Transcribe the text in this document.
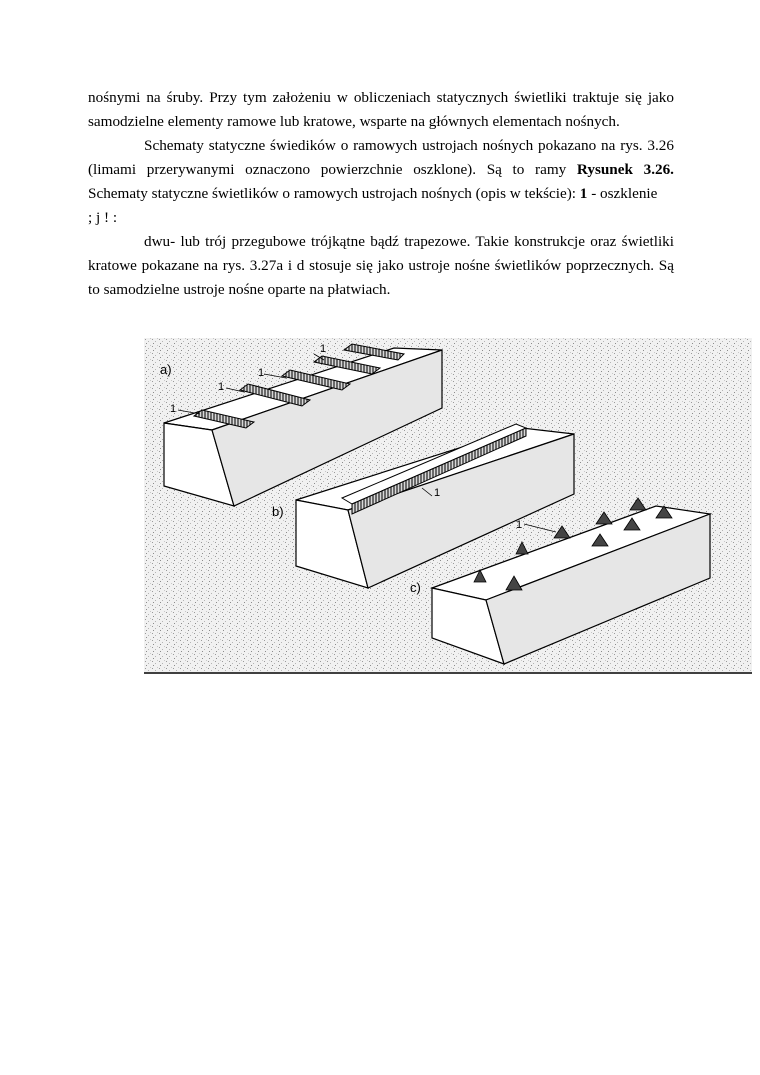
nośnymi na śruby. Przy tym założeniu w obliczeniach statycznych świetliki traktuje się jako samodzielne elementy ramowe lub kratowe, wsparte na głównych elementach nośnych.

Schematy statyczne świedików o ramowych ustrojach nośnych pokazano na rys. 3.26 (limami przerywanymi oznaczono powierzchnie oszklone). Są to ramy Rysunek 3.26. Schematy statyczne świetlików o ramowych ustrojach nośnych (opis w tekście): 1 - oszklenie

; j ! :

dwu- lub trój przegubowe trójkątne bądź trapezowe. Takie konstrukcje oraz świetliki kratowe pokazane na rys. 3.27a i d stosuje się jako ustroje nośne świetlików poprzecznych. Są to samodzielne ustroje nośne oparte na płatwiach.

a)
1
1
1
1
b)
1
c)
1
